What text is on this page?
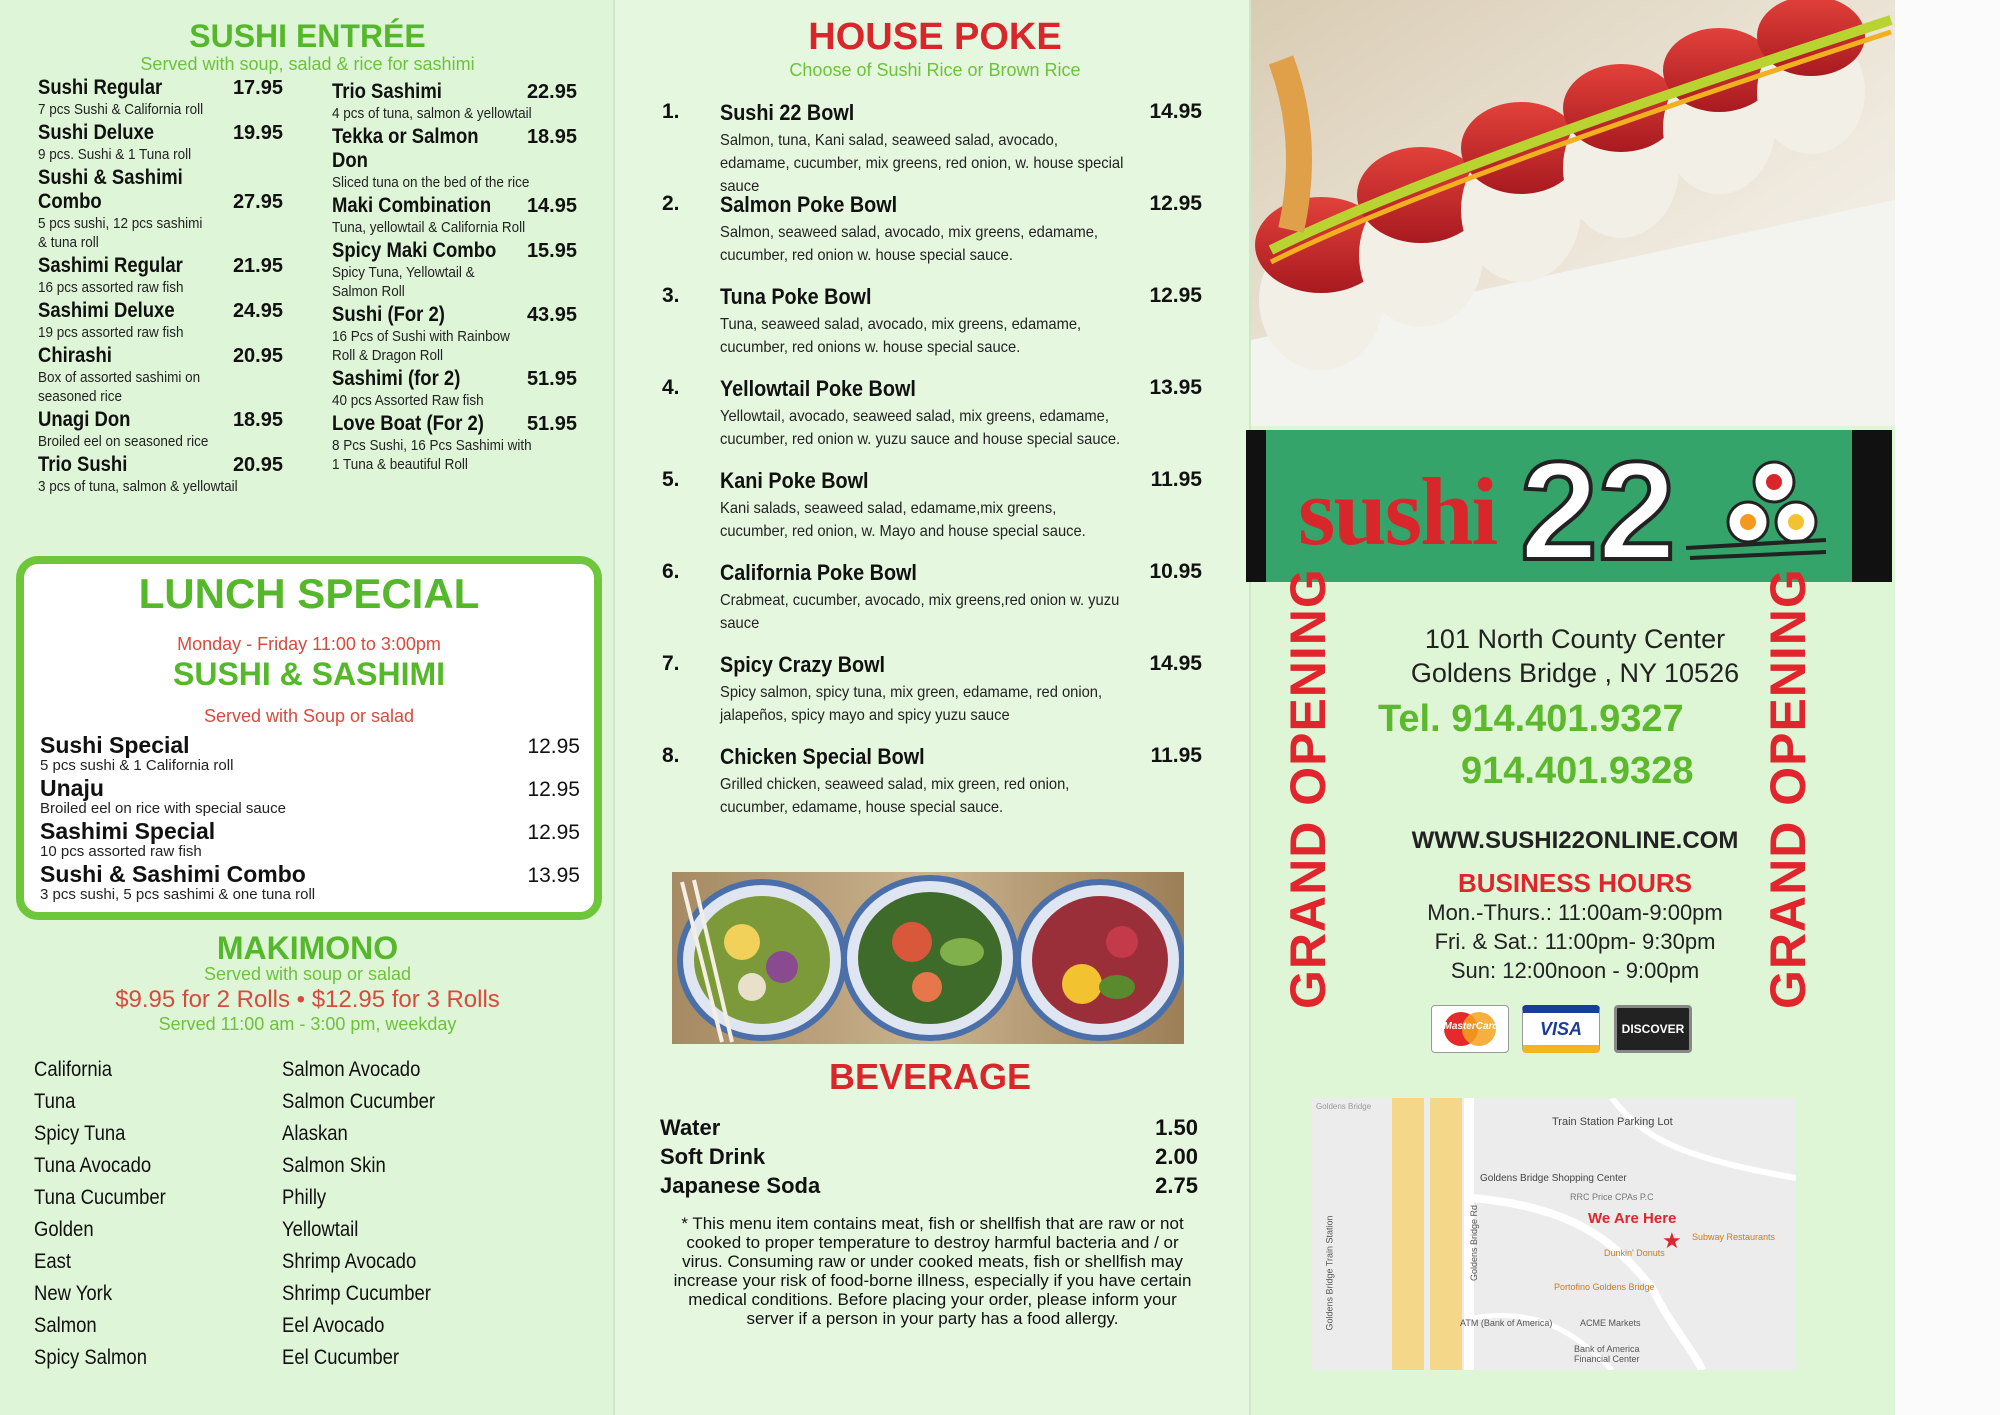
SUSHI ENTRÉE
Served with soup, salad & rice for sashimi
Sushi Regular	17.95
7 pcs Sushi & California roll
Sushi Deluxe	19.95
9 pcs. Sushi & 1 Tuna roll
Sushi & Sashimi
Combo	27.95
5 pcs sushi, 12 pcs sashimi
& tuna roll
Sashimi Regular	21.95
16 pcs assorted raw fish
Sashimi Deluxe	24.95
19 pcs assorted raw fish
Chirashi	20.95
Box of assorted sashimi on
seasoned rice
Unagi Don	18.95
Broiled eel on seasoned rice
Trio Sushi	20.95
3 pcs of tuna, salmon & yellowtail
Trio Sashimi	22.95
4 pcs of tuna, salmon & yellowtail
Tekka or Salmon Don
18.95
Sliced tuna on the bed of the rice
Maki Combination 14.95
Tuna, yellowtail & California Roll
Spicy Maki Combo 15.95
Spicy Tuna, Yellowtail &
Salmon Roll
Sushi (For 2)	43.95
16 Pcs of Sushi with Rainbow
Roll & Dragon Roll
Sashimi (for 2)	51.95
40 pcs Assorted Raw fish
Love Boat (For 2) 51.95
8 Pcs Sushi, 16 Pcs Sashimi with
1 Tuna & beautiful Roll
LUNCH SPECIAL
Monday - Friday 11:00 to 3:00pm
SUSHI & SASHIMI
Served with Soup or salad
Sushi Special	12.95
5 pcs sushi & 1 California roll
Unaju	12.95
Broiled eel on rice with special sauce
Sashimi Special	12.95
10 pcs assorted raw fish
Sushi & Sashimi Combo	13.95
3 pcs sushi, 5 pcs sashimi & one tuna roll
MAKIMONO
Served with soup or salad
$9.95 for 2 Rolls • $12.95 for 3 Rolls
Served 11:00 am - 3:00 pm, weekday
California
Tuna
Spicy Tuna
Tuna Avocado
Tuna Cucumber
Golden
East
New York
Salmon
Spicy Salmon
Salmon Avocado
Salmon Cucumber
Alaskan
Salmon Skin
Philly
Yellowtail
Shrimp Avocado
Shrimp Cucumber
Eel Avocado
Eel Cucumber
HOUSE POKE
Choose of Sushi Rice or Brown Rice
1. Sushi 22 Bowl	14.95
Salmon, tuna, Kani salad, seaweed salad, avocado, edamame, cucumber, mix greens, red onion, w. house special sauce
2. Salmon Poke Bowl	12.95
Salmon, seaweed salad, avocado, mix greens, edamame, cucumber, red onion w. house special sauce.
3. Tuna Poke Bowl	12.95
Tuna, seaweed salad, avocado, mix greens, edamame, cucumber, red onions w. house special sauce.
4. Yellowtail Poke Bowl	13.95
Yellowtail, avocado, seaweed salad, mix greens, edamame, cucumber, red onion w. yuzu sauce and house special sauce.
5. Kani Poke Bowl	11.95
Kani salads, seaweed salad, edamame,mix greens, cucumber, red onion, w. Mayo and house special sauce.
6. California Poke Bowl	10.95
Crabmeat, cucumber, avocado, mix greens,red onion w. yuzu sauce
7. Spicy Crazy Bowl	14.95
Spicy salmon, spicy tuna, mix green, edamame, red onion, jalapeños, spicy mayo and spicy yuzu sauce
8. Chicken Special Bowl	11.95
Grilled chicken, seaweed salad, mix green, red onion, cucumber, edamame, house special sauce.
BEVERAGE
Water	1.50
Soft Drink	2.00
Japanese Soda	2.75
* This menu item contains meat, fish or shellfish that are raw or not cooked to proper temperature to destroy harmful bacteria and / or virus. Consuming raw or under cooked meats, fish or shellfish may increase your risk of food-borne illness, especially if you have certain medical conditions. Before placing your order, please inform your server if a person in your party has a food allergy.
sushi 22
GRAND OPENING	GRAND OPENING
101 North County Center
Goldens Bridge , NY 10526
Tel. 914.401.9327
914.401.9328
WWW.SUSHI22ONLINE.COM
BUSINESS HOURS
Mon.-Thurs.: 11:00am-9:00pm
Fri. & Sat.: 11:00pm- 9:30pm
Sun: 12:00noon - 9:00pm
MasterCard	VISA	DISCOVER
Train Station Parking Lot
Goldens Bridge Shopping Center
RRC Price CPAs P.C
We Are Here
★ Subway Restaurants
Dunkin' Donuts
Portofino Goldens Bridge
ATM (Bank of America)	ACME Markets
Bank of America
Financial Center
Goldens Bridge
Goldens Bridge Train Station	Goldens Bridge Rd
